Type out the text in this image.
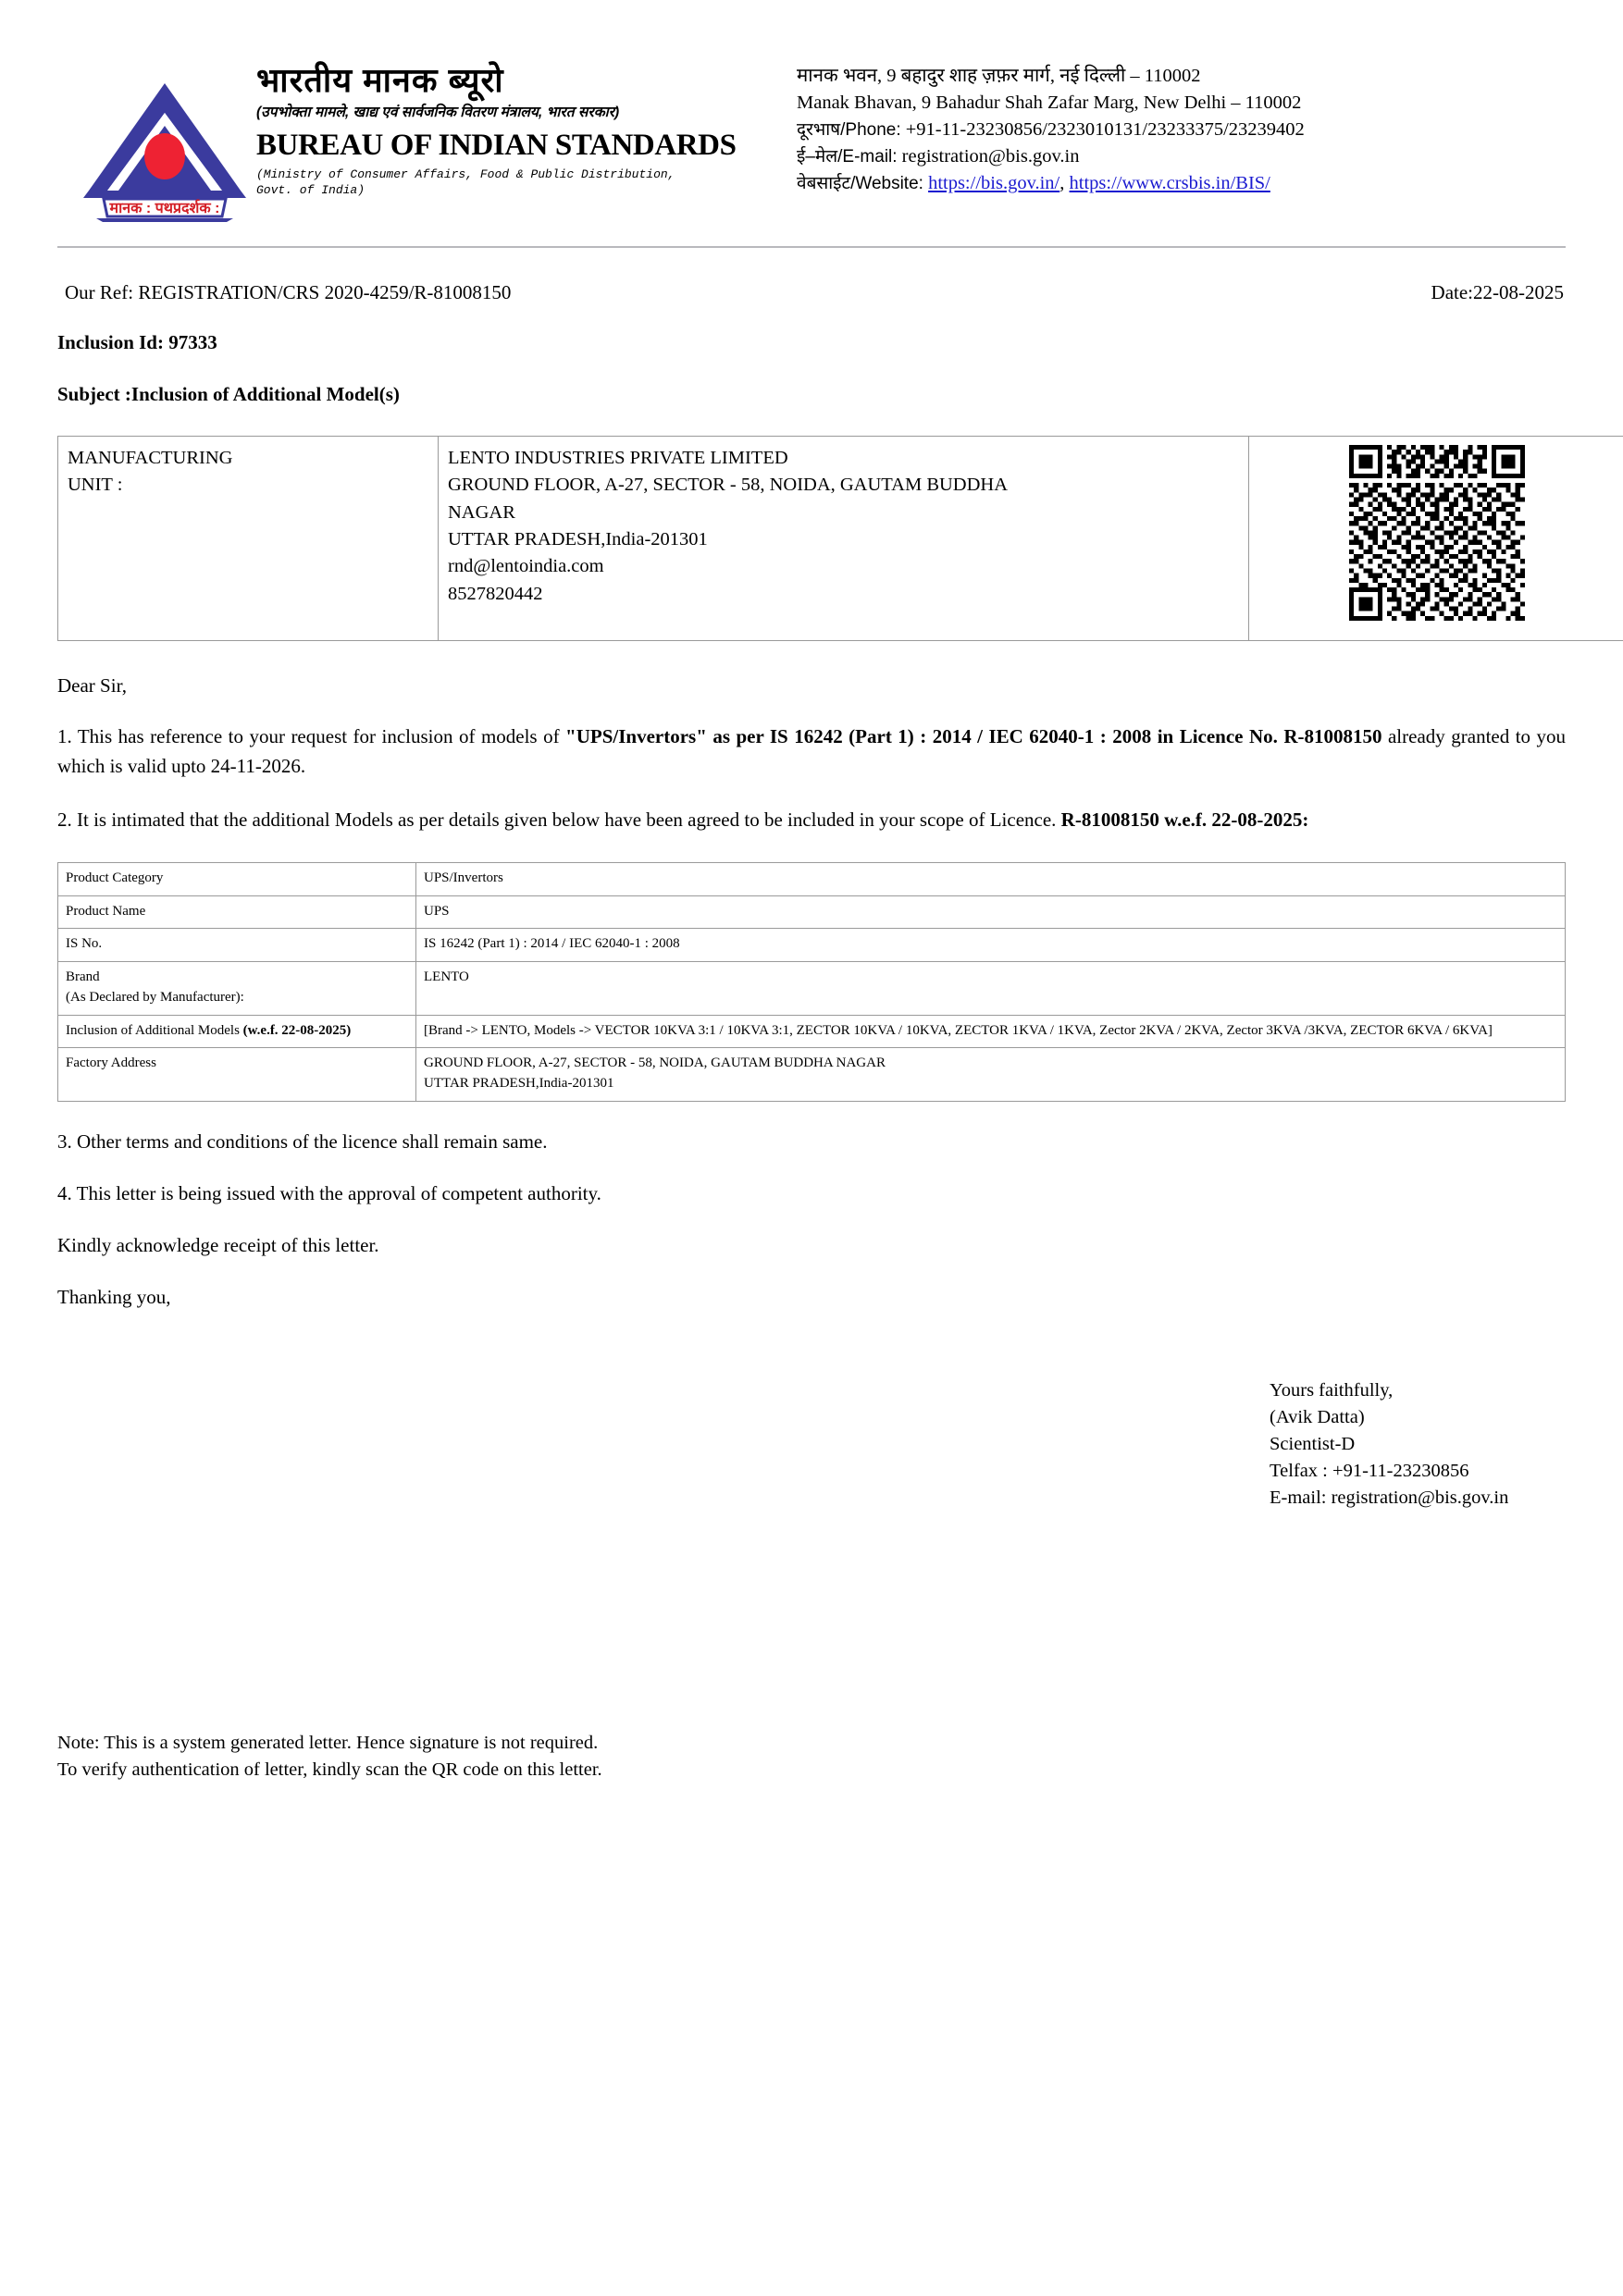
मानक : पथप्रदर्शक :
भारतीय मानक ब्यूरो
(उपभोक्ता मामले, खाद्य एवं सार्वजनिक वितरण मंत्रालय, भारत सरकार)
BUREAU OF INDIAN STANDARDS
(Ministry of Consumer Affairs, Food & Public Distribution,
Govt. of India)
मानक भवन, 9 बहादुर शाह ज़फ़र मार्ग, नई दिल्ली – 110002
Manak Bhavan, 9 Bahadur Shah Zafar Marg, New Delhi – 110002
दूरभाष/Phone: +91-11-23230856/2323010131/23233375/23239402
ई–मेल/E-mail: registration@bis.gov.in
वेबसाईट/Website: https://bis.gov.in/, https://www.crsbis.in/BIS/
Our Ref: REGISTRATION/CRS 2020-4259/R-81008150	Date:22-08-2025
Inclusion Id: 97333
Subject :Inclusion of Additional Model(s)
MANUFACTURING
UNIT :

LENTO INDUSTRIES PRIVATE LIMITED
GROUND FLOOR, A-27, SECTOR - 58, NOIDA, GAUTAM BUDDHA
NAGAR
UTTAR PRADESH,India-201301
rnd@lentoindia.com
8527820442

Dear Sir,

1. This has reference to your request for inclusion of models of "UPS/Invertors" as per IS 16242 (Part 1) : 2014 / IEC 62040-1 : 2008 in Licence No. R-81008150 already granted to you which is valid upto 24-11-2026.

2. It is intimated that the additional Models as per details given below have been agreed to be included in your scope of Licence. R-81008150 w.e.f. 22-08-2025:

Product Category	UPS/Invertors
Product Name	UPS
IS No.	IS 16242 (Part 1) : 2014 / IEC 62040-1 : 2008

Brand
(As Declared by Manufacturer):	LENTO
Inclusion of Additional Models (w.e.f. 22-08-2025)	[Brand -> LENTO, Models -> VECTOR 10KVA 3:1 / 10KVA 3:1, ZECTOR 10KVA / 10KVA, ZECTOR 1KVA / 1KVA, Zector 2KVA / 2KVA, Zector 3KVA /3KVA, ZECTOR 6KVA / 6KVA]
Factory Address	GROUND FLOOR, A-27, SECTOR - 58, NOIDA, GAUTAM BUDDHA NAGAR
UTTAR PRADESH,India-201301
3. Other terms and conditions of the licence shall remain same.
4. This letter is being issued with the approval of competent authority.
Kindly acknowledge receipt of this letter.
Thanking you,
Yours faithfully,
(Avik Datta)
Scientist-D
Telfax : +91-11-23230856
E-mail: registration@bis.gov.in
Note: This is a system generated letter. Hence signature is not required.
To verify authentication of letter, kindly scan the QR code on this letter.
